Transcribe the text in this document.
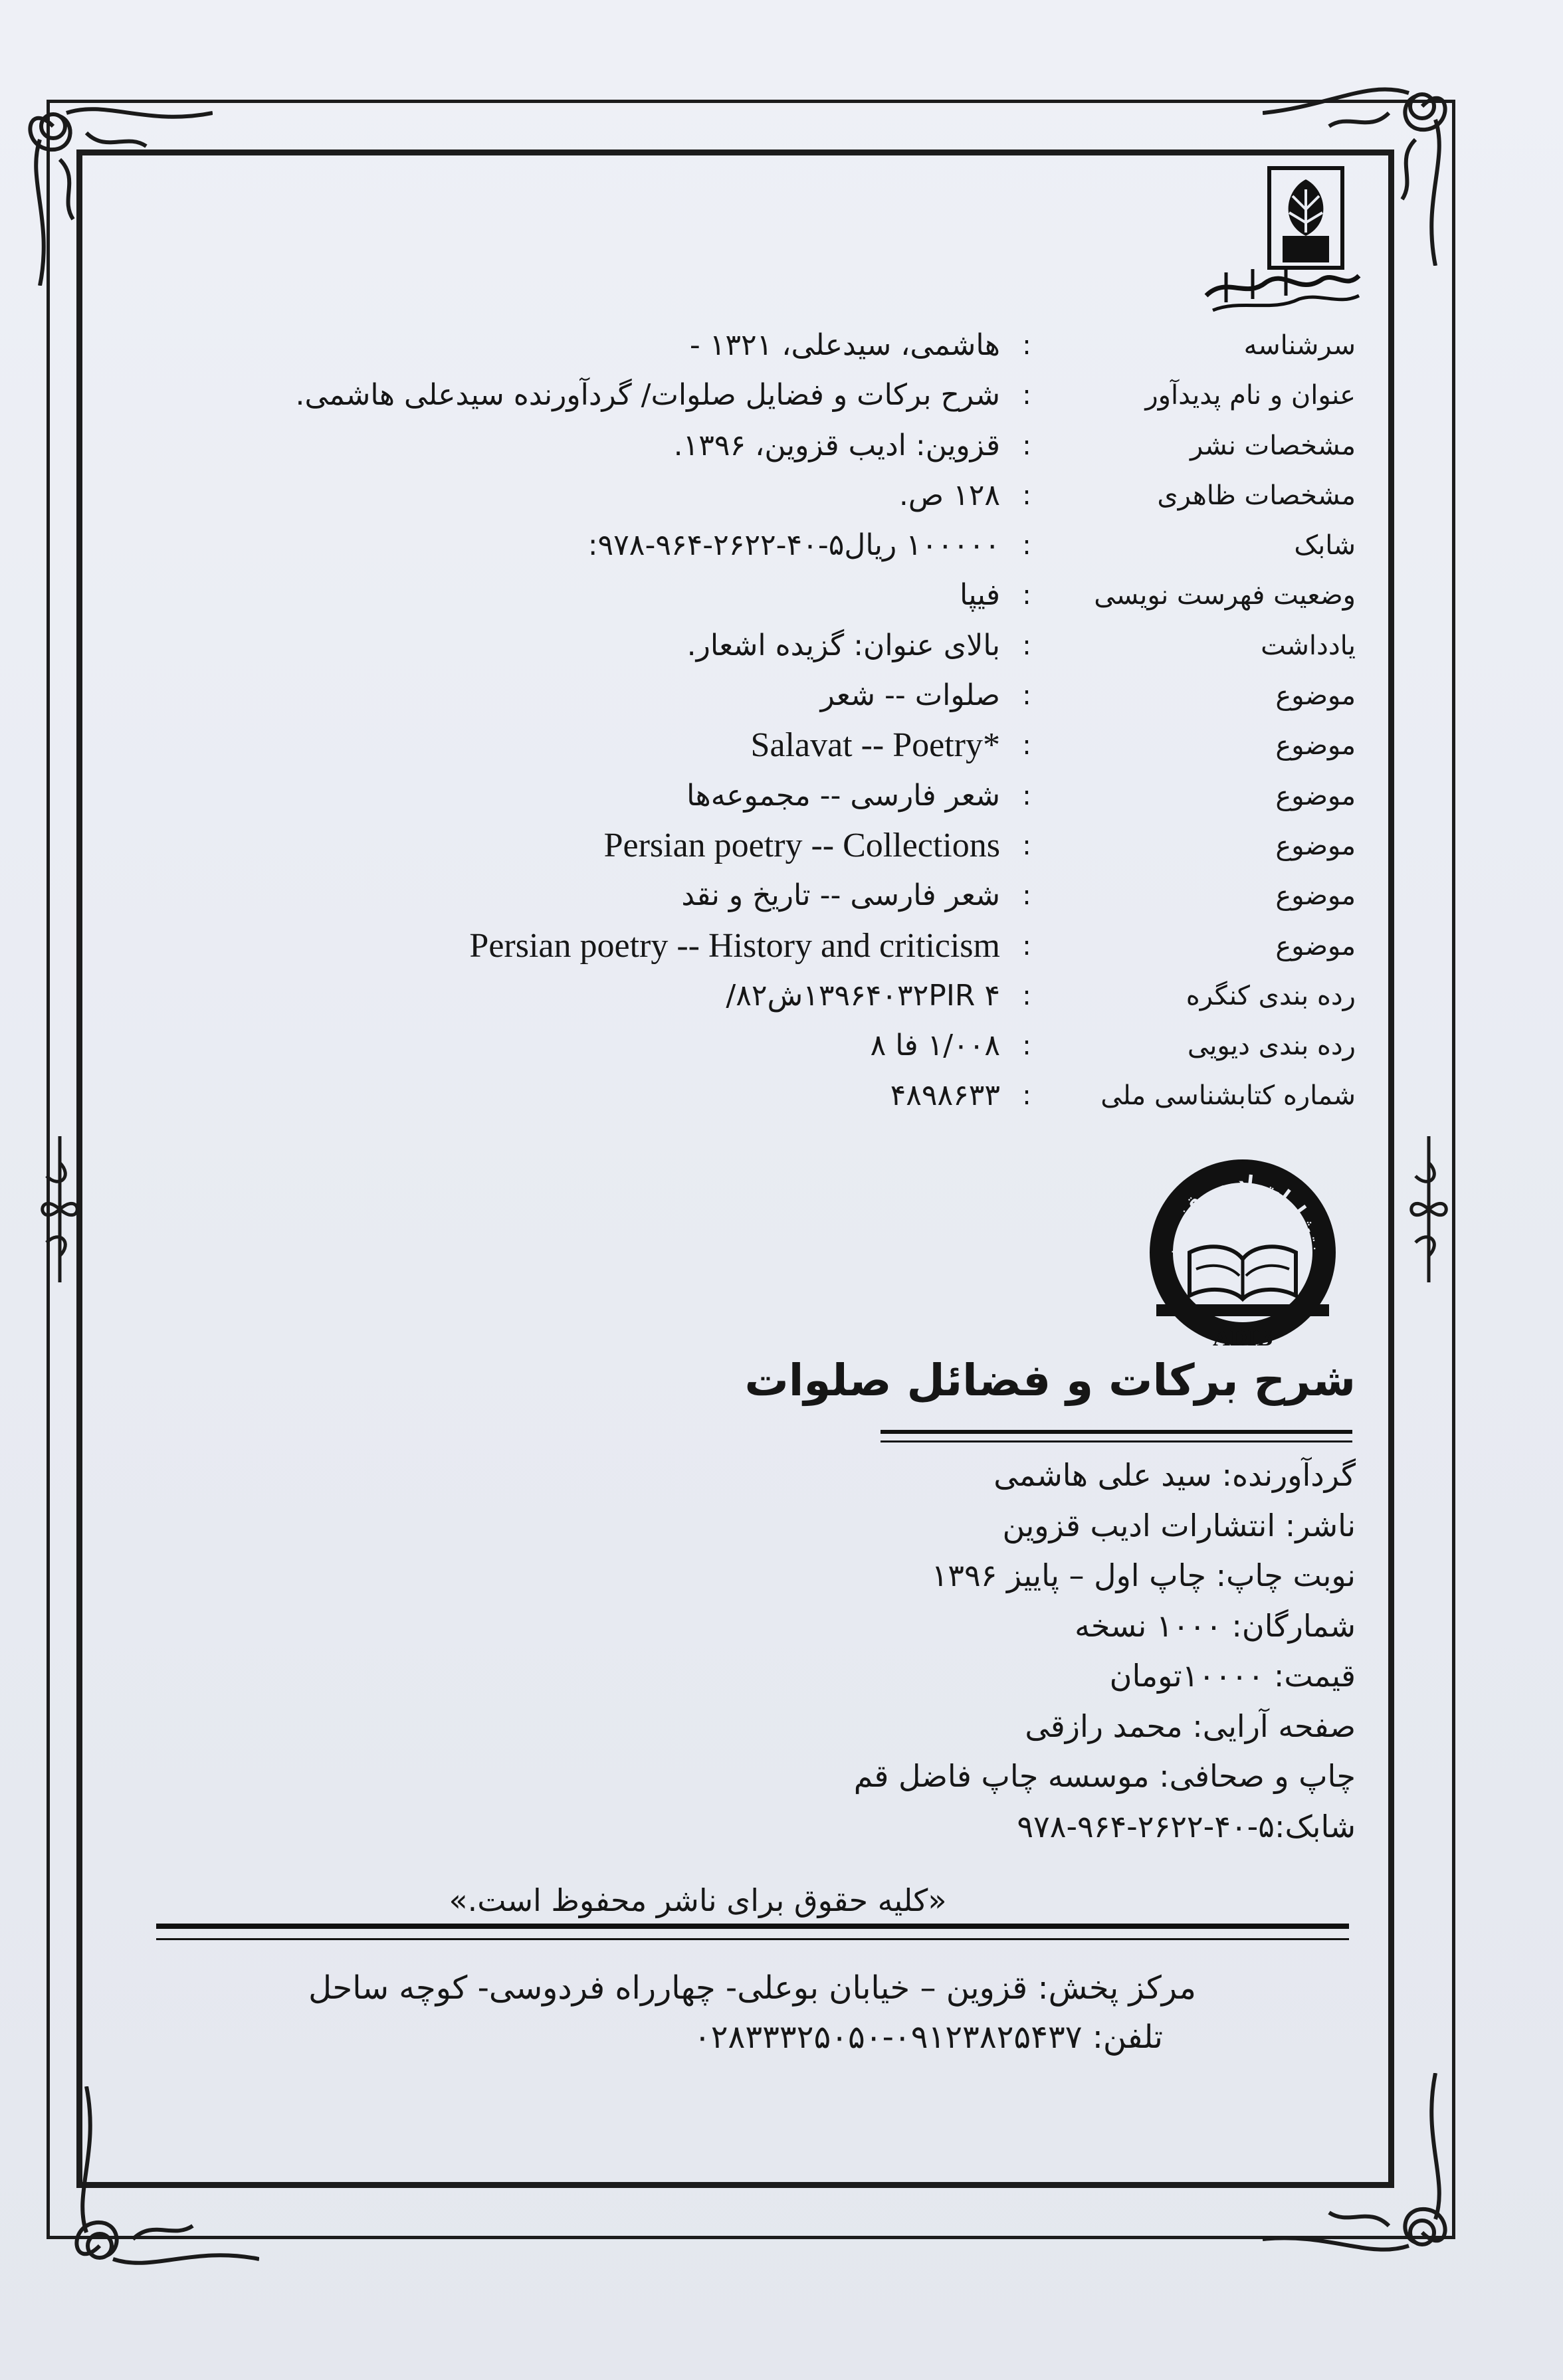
سرشناسه
:
هاشمی، سیدعلی، ۱۳۲۱ -
عنوان و نام پدیدآور
:
شرح برکات و فضایل صلوات/ گردآورنده سیدعلی هاشمی.
مشخصات نشر
:
قزوین: ادیب قزوین، ۱۳۹۶.
مشخصات ظاهری
:
۱۲۸ ص.
شابک
:
۱۰۰۰۰۰ ریال۵-۴۰-۲۶۲۲-۹۶۴-۹۷۸:
وضعیت فهرست نویسی
:
فیپا
یادداشت
:
بالای عنوان: گزیده اشعار.
موضوع
:
صلوات -- شعر
موضوع
:
Salavat -- Poetry*
موضوع
:
شعر فارسی -- مجموعه‌ها
موضوع
:
Persian poetry -- Collections
موضوع
:
شعر فارسی -- تاریخ و نقد
موضوع
:
Persian poetry -- History and criticism
رده بندی کنگره
:
۱۳۹۶۴۰۳۲PIR ۴ش۸۲/
رده بندی دیویی
:
۱/۰۰۸ فا ۸
شماره کتابشناسی ملی
:
۴۸۹۸۶۳۳
نتشارات ادیب قزوین
ADIB
شرح برکات و فضائل صلوات
گردآورنده: سید علی هاشمی
ناشر: انتشارات ادیب قزوین
نوبت چاپ: چاپ اول – پاییز ۱۳۹۶
شمارگان: ۱۰۰۰ نسخه
قیمت: ۱۰۰۰۰تومان
صفحه آرایی: محمد رازقی
چاپ و صحافی: موسسه چاپ فاضل قم
شابک:۵-۴۰-۲۶۲۲-۹۶۴-۹۷۸
«کلیه حقوق برای ناشر محفوظ است.»
مرکز پخش: قزوین – خیابان بوعلی- چهارراه فردوسی- کوچه ساحل
تلفن: ۰۹۱۲۳۸۲۵۴۳۷-۰۲۸۳۳۳۲۵۰۵۰
